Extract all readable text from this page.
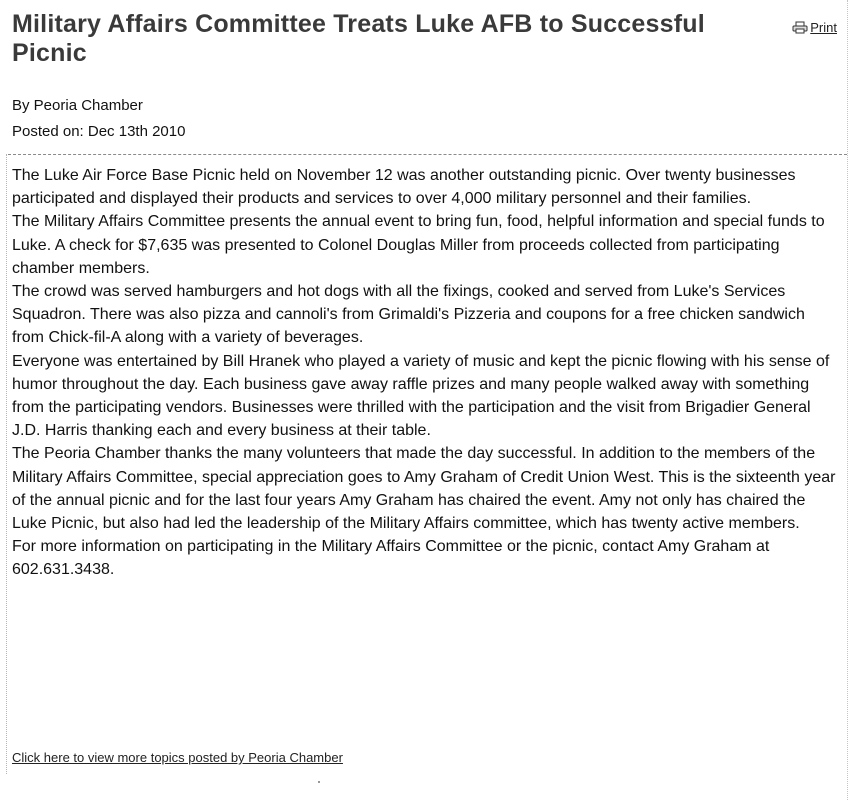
Military Affairs Committee Treats Luke AFB to Successful Picnic
Print
By Peoria Chamber
Posted on: Dec 13th 2010

The Luke Air Force Base Picnic held on November 12 was another outstanding picnic. Over twenty businesses participated and displayed their products and services to over 4,000 military personnel and their families.

The Military Affairs Committee presents the annual event to bring fun, food, helpful information and special funds to Luke. A check for $7,635 was presented to Colonel Douglas Miller from proceeds collected from participating chamber members.

The crowd was served hamburgers and hot dogs with all the fixings, cooked and served from Luke's Services Squadron. There was also pizza and cannoli's from Grimaldi's Pizzeria and coupons for a free chicken sandwich from Chick-fil-A along with a variety of beverages.

Everyone was entertained by Bill Hranek who played a variety of music and kept the picnic flowing with his sense of humor throughout the day. Each business gave away raffle prizes and many people walked away with something from the participating vendors. Businesses were thrilled with the participation and the visit from Brigadier General J.D. Harris thanking each and every business at their table.

The Peoria Chamber thanks the many volunteers that made the day successful. In addition to the members of the Military Affairs Committee, special appreciation goes to Amy Graham of Credit Union West. This is the sixteenth year of the annual picnic and for the last four years Amy Graham has chaired the event. Amy not only has chaired the Luke Picnic, but also had led the leadership of the Military Affairs committee, which has twenty active members.

For more information on participating in the Military Affairs Committee or the picnic, contact Amy Graham at 602.631.3438.

Click here to view more topics posted by Peoria Chamber
